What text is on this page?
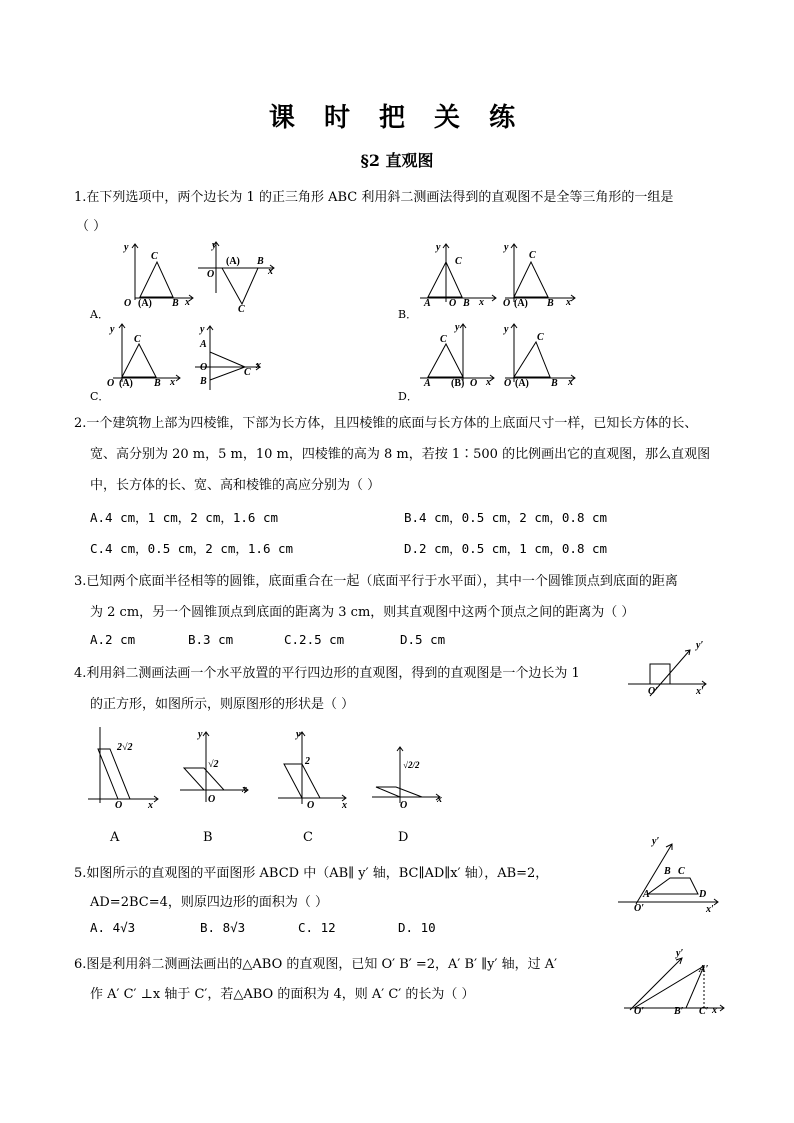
课 时 把 关 练
§2 直观图
1.在下列选项中，两个边长为 1 的正三角形 ABC 利用斜二测画法得到的直观图不是全等三角形的一组是
（ ）
A．	B．
C．	D．
y
C
O (A) B x
y
(A) B
x
O
C
y
C
A O B x
y
C
O (A) B x
y
C
O (A) B x
y
A
O
B
C
x
y
C
A (B) O x
y
C
O (A) B x
2.一个建筑物上部为四棱锥，下部为长方体，且四棱锥的底面与长方体的上底面尺寸一样，已知长方体的长、
宽、高分别为 20 m，5 m，10 m，四棱锥的高为 8 m，若按 1∶500 的比例画出它的直观图，那么直观图
中，长方体的长、宽、高和棱锥的高应分别为（ ）
A.4 cm，1 cm，2 cm，1.6 cm	B.4 cm，0.5 cm，2 cm，0.8 cm
C.4 cm，0.5 cm，2 cm，1.6 cm	D.2 cm，0.5 cm，1 cm，0.8 cm
3.已知两个底面半径相等的圆锥，底面重合在一起（底面平行于水平面），其中一个圆锥顶点到底面的距离
为 2 cm，另一个圆锥顶点到底面的距离为 3 cm，则其直观图中这两个顶点之间的距离为（ ）
A.2 cm	B.3 cm	C.2.5 cm	D.5 cm
4.利用斜二测画法画一个水平放置的平行四边形的直观图，得到的直观图是一个边长为 1
的正方形，如图所示，则原图形的形状是（ ）
y′
O′	x′
2√2
O	x
A
y
√2
O
x
B
y
2
O	x
C
√2/2
O
x
D
5.如图所示的直观图的平面图形 ABCD 中（AB∥ y′ 轴，BC∥AD∥x′ 轴），AB=2，
AD=2BC=4，则原四边形的面积为（ ）
A. 4√3	B. 8√3	C. 12	D. 10
y′
B C
A	D
O′	x′
6.图是利用斜二测画法画出的△ABO 的直观图，已知 O′ B′ =2，A′ B′ ∥y′ 轴，过 A′
作 A′ C′ ⊥x 轴于 C′，若△ABO 的面积为 4，则 A′ C′ 的长为（ ）
y′
A′
O′	B′ C′ x
